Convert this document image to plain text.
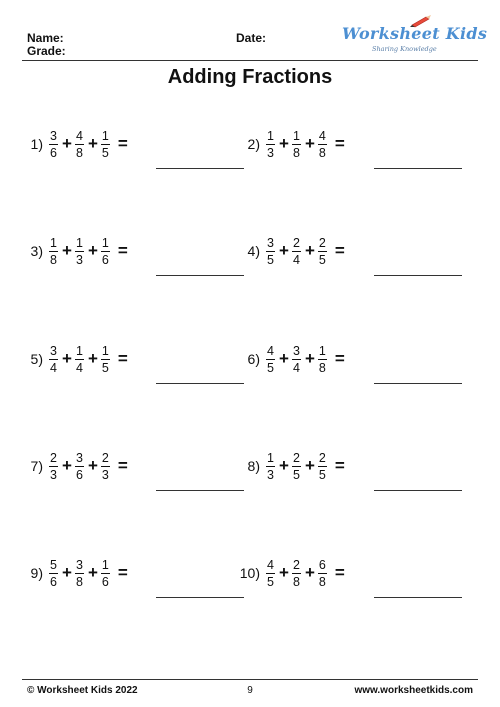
Name:
Grade:
Date:	Worksheet Kids
Sharing Knowledge
Adding Fractions
$1) \frac{3}{6} + \frac{4}{8} + \frac{1}{5}$ =	$2) \frac{1}{3} + \frac{1}{8} + \frac{4}{8}$ =
$3) \frac{1}{8} + \frac{1}{3} + \frac{1}{6}$ =	$4) \frac{3}{5} + \frac{2}{4} + \frac{2}{5}$ =
$5) \frac{3}{4} + \frac{1}{4} + \frac{1}{5}$ =	$6) \frac{4}{5} + \frac{3}{4} + \frac{1}{8}$ =
$7) \frac{2}{3} + \frac{3}{6} + \frac{2}{3}$ =	$8) \frac{1}{3} + \frac{2}{5} + \frac{2}{5}$ =
$9) \frac{5}{6} + \frac{3}{8} + \frac{1}{6}$ =	$10) \frac{4}{5} + \frac{2}{8} + \frac{6}{8}$ =
© Worksheet Kids 2022	9	www.worksheetkids.com
